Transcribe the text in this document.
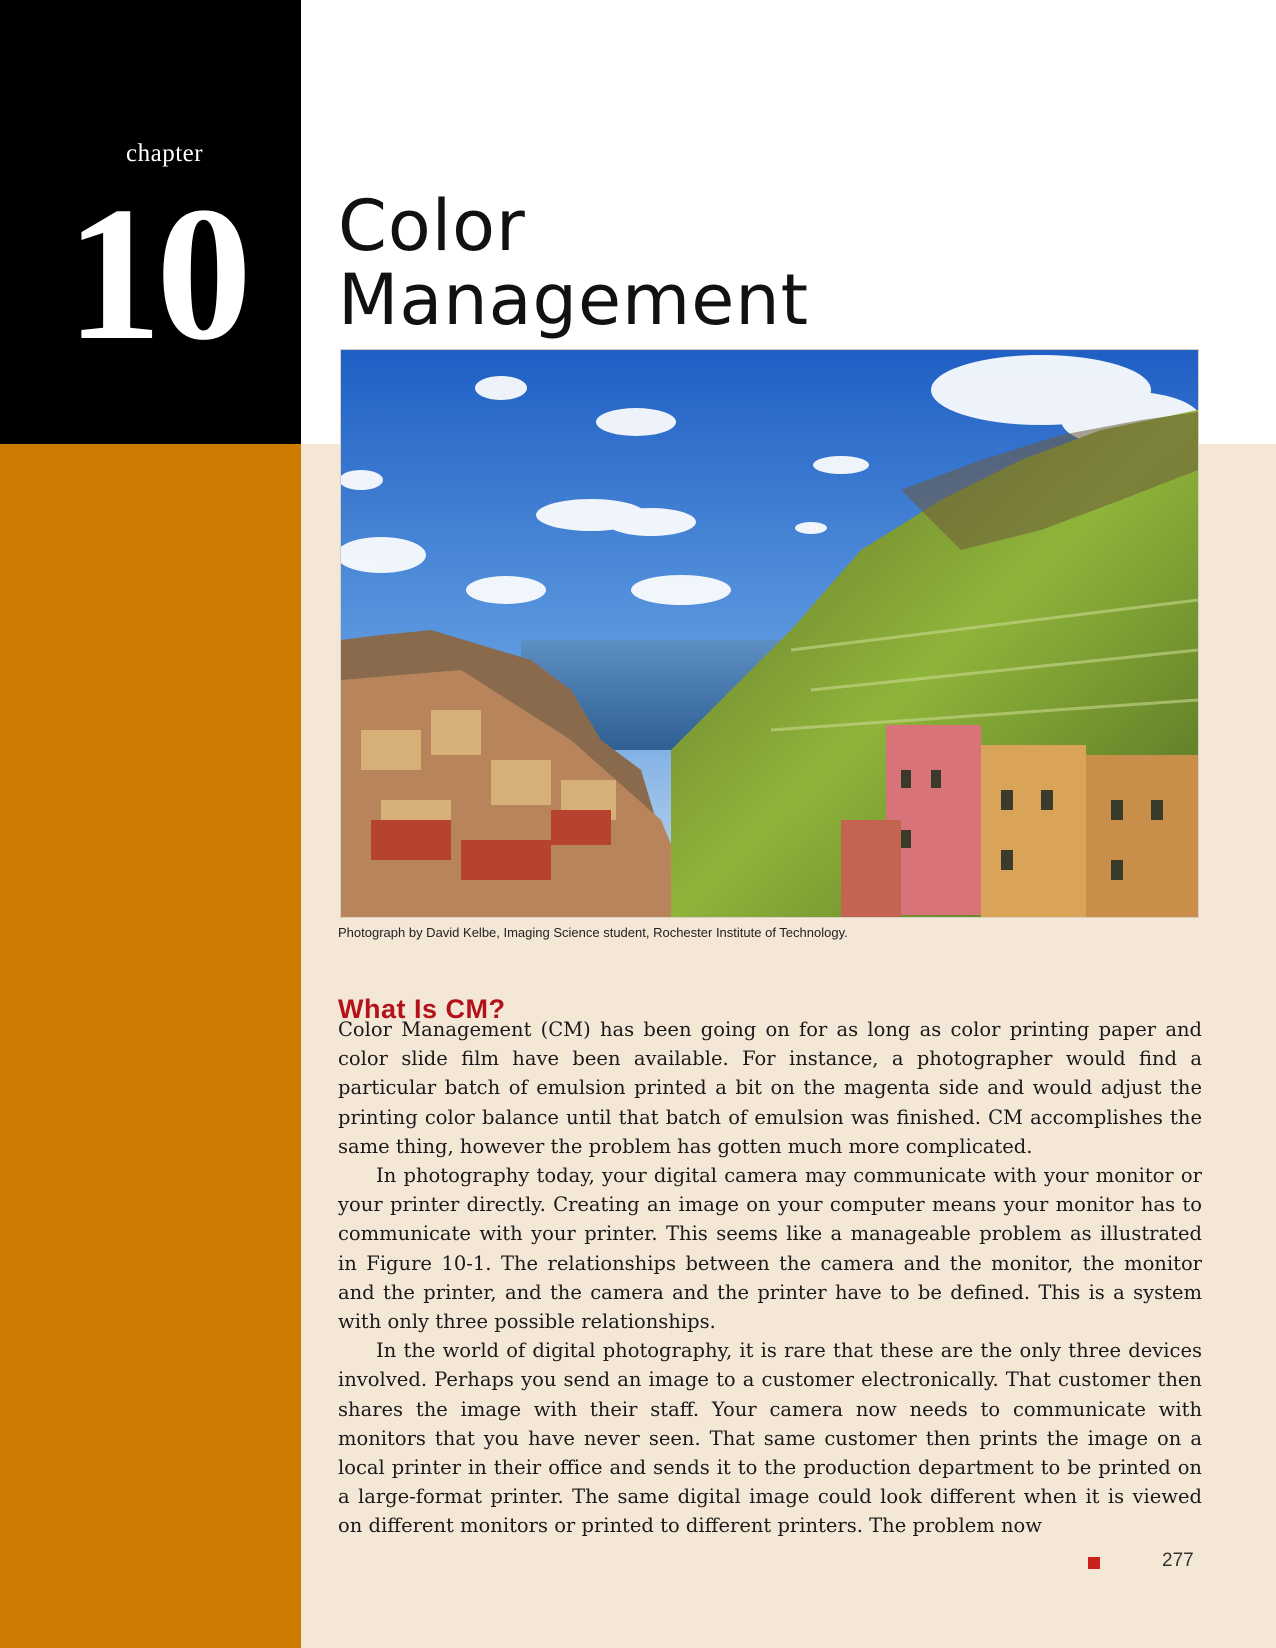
chapter
10 Color
Management
Photograph by David Kelbe, Imaging Science student, Rochester Institute of Technology.
What Is CM?

Color Management (CM) has been going on for as long as color printing paper and color slide film have been available. For instance, a photographer would find a particular batch of emulsion printed a bit on the magenta side and would adjust the printing color balance until that batch of emulsion was finished. CM accomplishes the same thing, however the problem has gotten much more complicated.

In photography today, your digital camera may communicate with your monitor or your printer directly. Creating an image on your computer means your monitor has to communicate with your printer. This seems like a manageable problem as illustrated in Figure 10-1. The relationships between the camera and the monitor, the monitor and the printer, and the camera and the printer have to be defined. This is a system with only three possible relationships.

In the world of digital photography, it is rare that these are the only three devices involved. Perhaps you send an image to a customer electronically. That customer then shares the image with their staff. Your camera now needs to communicate with monitors that you have never seen. That same customer then prints the image on a local printer in their office and sends it to the production department to be printed on a large-format printer. The same digital image could look different when it is viewed on different monitors or printed to different printers. The problem now

277
